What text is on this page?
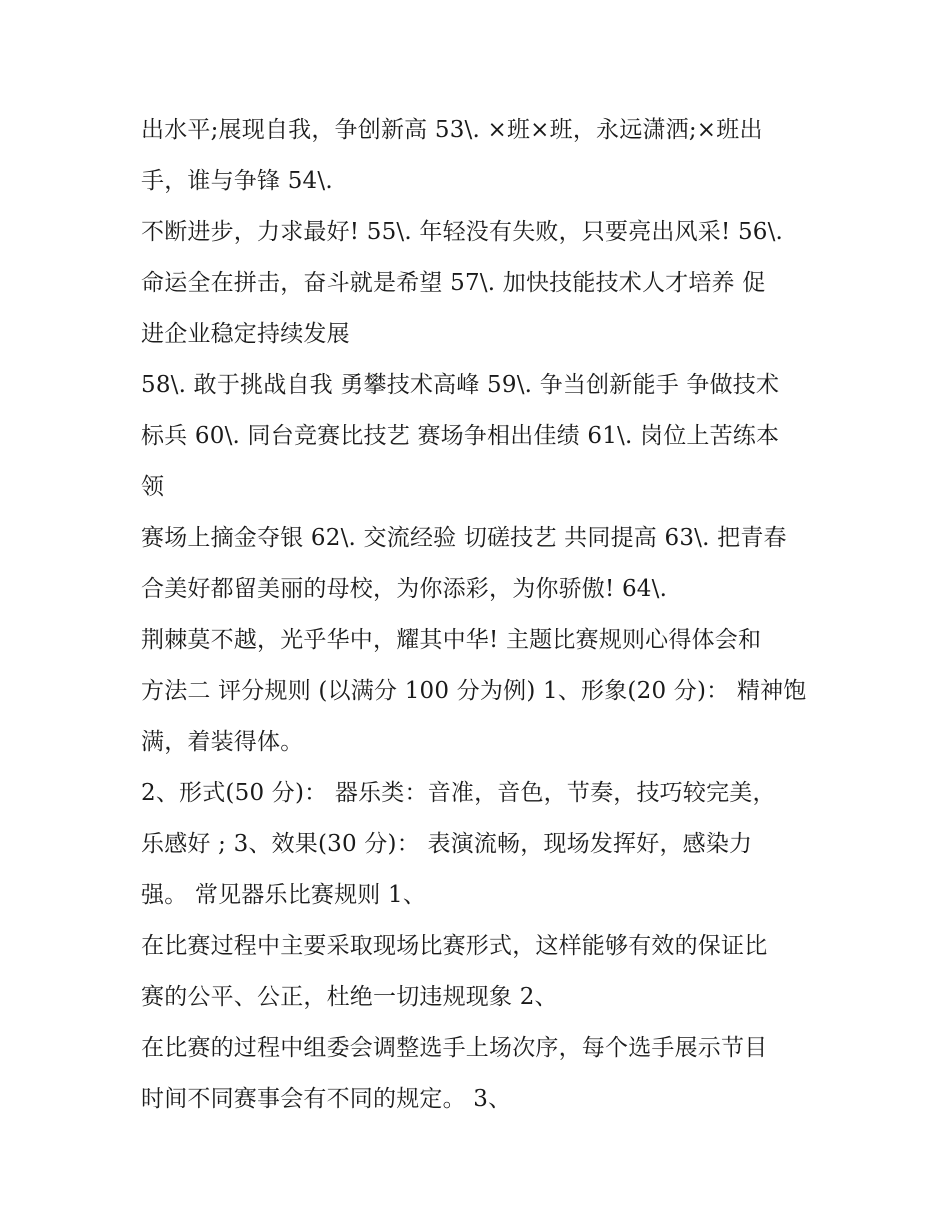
出水平;展现自我，争创新高 53\. ×班×班，永远潇洒;×班出
手，谁与争锋 54\.
不断进步，力求最好! 55\. 年轻没有失败，只要亮出风采! 56\.
命运全在拼击，奋斗就是希望 57\. 加快技能技术人才培养 促
进企业稳定持续发展
58\. 敢于挑战自我 勇攀技术高峰 59\. 争当创新能手 争做技术
标兵 60\. 同台竞赛比技艺 赛场争相出佳绩 61\. 岗位上苦练本
领
赛场上摘金夺银 62\. 交流经验 切磋技艺 共同提高 63\. 把青春
合美好都留美丽的母校，为你添彩，为你骄傲! 64\.
荆棘莫不越，光乎华中，耀其中华! 主题比赛规则心得体会和
方法二 评分规则 (以满分 100 分为例) 1、形象(20 分)： 精神饱
满，着装得体。
2、形式(50 分)： 器乐类：音准，音色，节奏，技巧较完美，
乐感好 ; 3、效果(30 分)： 表演流畅，现场发挥好，感染力
强。 常见器乐比赛规则 1、
在比赛过程中主要采取现场比赛形式，这样能够有效的保证比
赛的公平、公正，杜绝一切违规现象 2、
在比赛的过程中组委会调整选手上场次序，每个选手展示节目
时间不同赛事会有不同的规定。 3、
